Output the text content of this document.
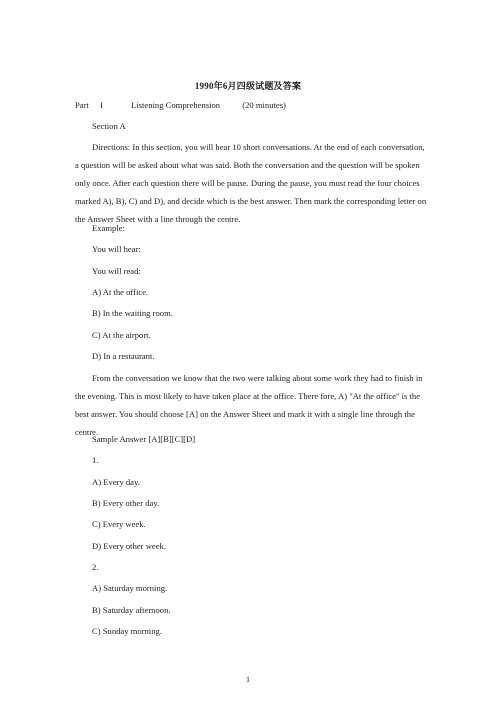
1990年6月四级试题及答案
Part I	Listening Comprehension	(20 minutes)
Section A
Directions: In this section, you will hear 10 short conversations. At the end of each conversation, a question will be asked about what was said. Both the conversation and the question will be spoken only once. After each question there will be pause. During the pause, you must read the four choices marked A), B), C) and D), and decide which is the best answer. Then mark the corresponding letter on the Answer Sheet with a line through the centre.
Example:
You will hear:
You will read:
A) At the office.
B) In the waiting room.
C) At the airport.
D) In a restaurant.
From the conversation we know that the two were talking about some work they had to finish in the evening. This is most likely to have taken place at the office. There fore, A) "At the office" is the best answer. You should choose [A] on the Answer Sheet and mark it with a single line through the centre.
Sample Answer [A][B][C][D]
1.
A) Every day.
B) Every other day.
C) Every week.
D) Every other week.
2.
A) Saturday morning.
B) Saturday afternoon.
C) Sunday morning.
1
